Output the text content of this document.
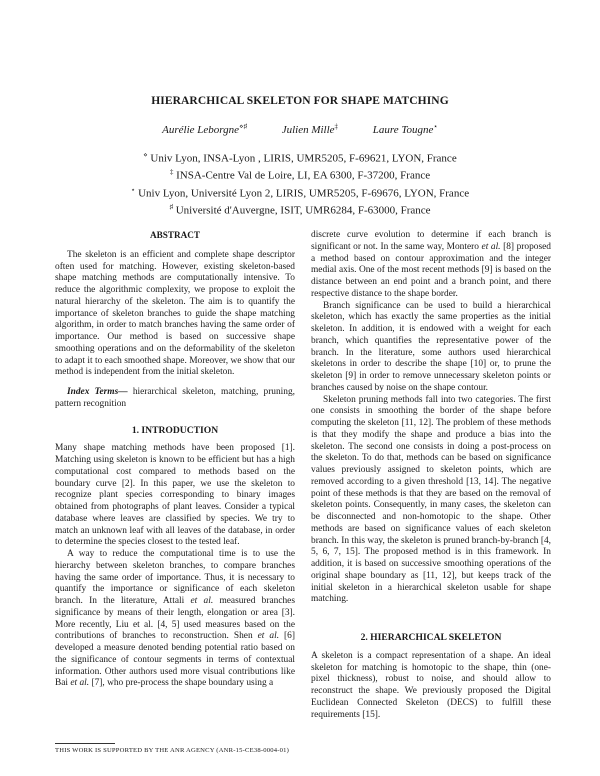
HIERARCHICAL SKELETON FOR SHAPE MATCHING
Aurélie Leborgne⋄♯	Julien Mille‡	Laure Tougne⋆
⋄ Univ Lyon, INSA-Lyon , LIRIS, UMR5205, F-69621, LYON, France
‡ INSA-Centre Val de Loire, LI, EA 6300, F-37200, France
⋆ Univ Lyon, Université Lyon 2, LIRIS, UMR5205, F-69676, LYON, France
♯ Université d'Auvergne, ISIT, UMR6284, F-63000, France
ABSTRACT

The skeleton is an efficient and complete shape descriptor often used for matching. However, existing skeleton-based shape matching methods are computationally intensive. To reduce the algorithmic complexity, we propose to exploit the natural hierarchy of the skeleton. The aim is to quantify the importance of skeleton branches to guide the shape matching algorithm, in order to match branches having the same order of importance. Our method is based on successive shape smoothing operations and on the deformability of the skeleton to adapt it to each smoothed shape. Moreover, we show that our method is independent from the initial skeleton.

Index Terms— hierarchical skeleton, matching, pruning, pattern recognition

1. INTRODUCTION

Many shape matching methods have been proposed [1]. Matching using skeleton is known to be efficient but has a high computational cost compared to methods based on the boundary curve [2]. In this paper, we use the skeleton to recognize plant species corresponding to binary images obtained from photographs of plant leaves. Consider a typical database where leaves are classified by species. We try to match an unknown leaf with all leaves of the database, in order to determine the species closest to the tested leaf.

A way to reduce the computational time is to use the hierarchy between skeleton branches, to compare branches having the same order of importance. Thus, it is necessary to quantify the importance or significance of each skeleton branch. In the literature, Attali et al. measured branches significance by means of their length, elongation or area [3]. More recently, Liu et al. [4, 5] used measures based on the contributions of branches to reconstruction. Shen et al. [6] developed a measure denoted bending potential ratio based on the significance of contour segments in terms of contextual information. Other authors used more visual contributions like Bai et al. [7], who pre-process the shape boundary using a

discrete curve evolution to determine if each branch is significant or not. In the same way, Montero et al. [8] proposed a method based on contour approximation and the integer medial axis. One of the most recent methods [9] is based on the distance between an end point and a branch point, and there respective distance to the shape border.

Branch significance can be used to build a hierarchical skeleton, which has exactly the same properties as the initial skeleton. In addition, it is endowed with a weight for each branch, which quantifies the representative power of the branch. In the literature, some authors used hierarchical skeletons in order to describe the shape [10] or, to prune the skeleton [9] in order to remove unnecessary skeleton points or branches caused by noise on the shape contour.

Skeleton pruning methods fall into two categories. The first one consists in smoothing the border of the shape before computing the skeleton [11, 12]. The problem of these methods is that they modify the shape and produce a bias into the skeleton. The second one consists in doing a post-process on the skeleton. To do that, methods can be based on significance values previously assigned to skeleton points, which are removed according to a given threshold [13, 14]. The negative point of these methods is that they are based on the removal of skeleton points. Consequently, in many cases, the skeleton can be disconnected and non-homotopic to the shape. Other methods are based on significance values of each skeleton branch. In this way, the skeleton is pruned branch-by-branch [4, 5, 6, 7, 15]. The proposed method is in this framework. In addition, it is based on successive smoothing operations of the original shape boundary as [11, 12], but keeps track of the initial skeleton in a hierarchical skeleton usable for shape matching.

2. HIERARCHICAL SKELETON

A skeleton is a compact representation of a shape. An ideal skeleton for matching is homotopic to the shape, thin (one-pixel thickness), robust to noise, and should allow to reconstruct the shape. We previously proposed the Digital Euclidean Connected Skeleton (DECS) to fulfill these requirements [15].

THIS WORK IS SUPPORTED BY THE ANR AGENCY (ANR-15-CE38-0004-01)
